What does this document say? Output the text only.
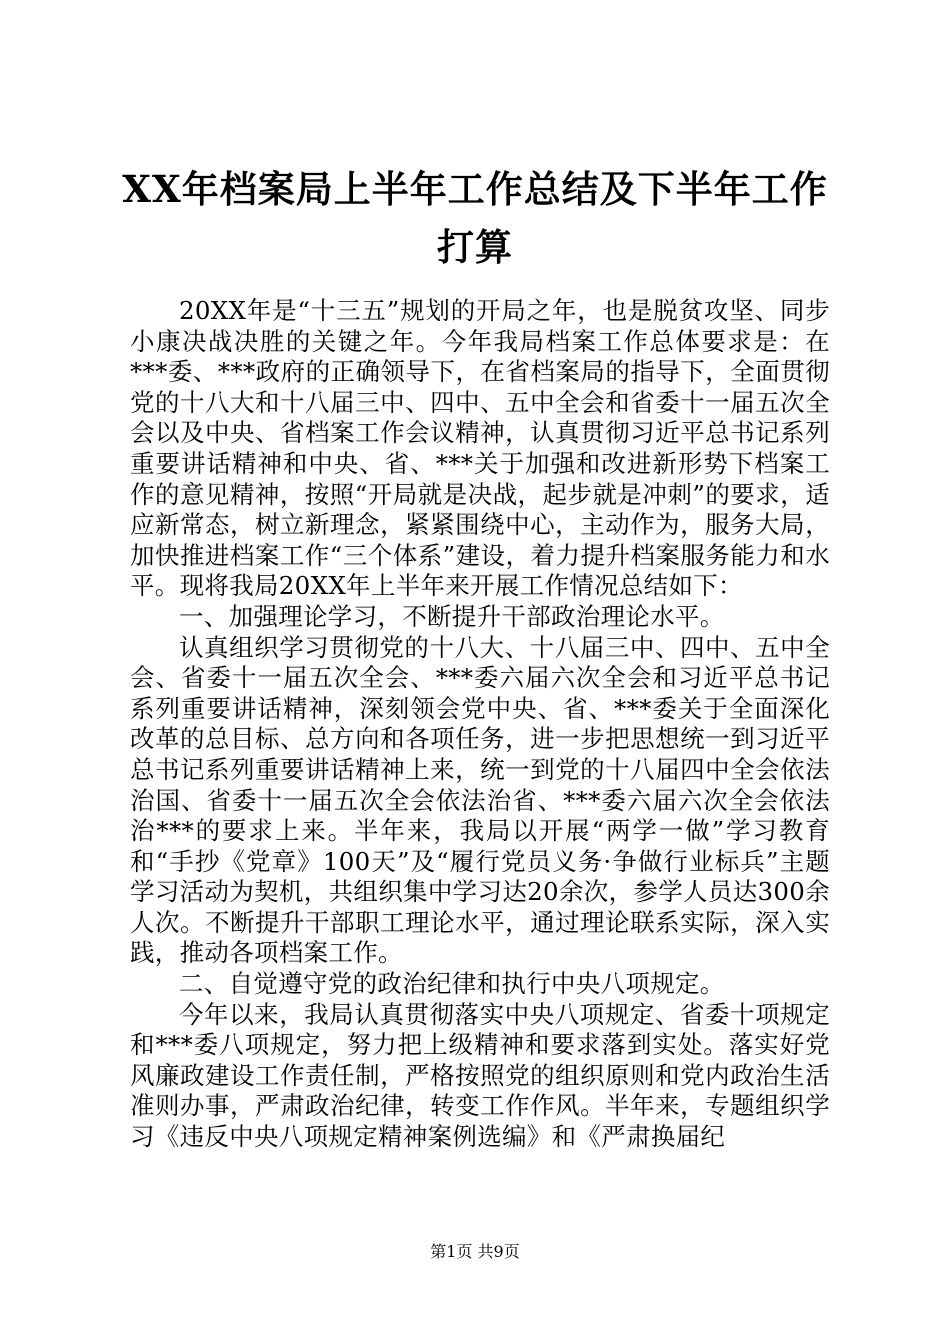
XX年档案局上半年工作总结及下半年工作打算

20XX年是“十三五”规划的开局之年，也是脱贫攻坚、同步小康决战决胜的关键之年。今年我局档案工作总体要求是：在***委、***政府的正确领导下，在省档案局的指导下，全面贯彻党的十八大和十八届三中、四中、五中全会和省委十一届五次全会以及中央、省档案工作会议精神，认真贯彻习近平总书记系列重要讲话精神和中央、省、***关于加强和改进新形势下档案工作的意见精神，按照“开局就是决战，起步就是冲刺”的要求，适应新常态，树立新理念，紧紧围绕中心，主动作为，服务大局，加快推进档案工作“三个体系”建设，着力提升档案服务能力和水平。现将我局20XX年上半年来开展工作情况总结如下：

一、加强理论学习，不断提升干部政治理论水平。

认真组织学习贯彻党的十八大、十八届三中、四中、五中全会、省委十一届五次全会、***委六届六次全会和习近平总书记系列重要讲话精神，深刻领会党中央、省、***委关于全面深化改革的总目标、总方向和各项任务，进一步把思想统一到习近平总书记系列重要讲话精神上来，统一到党的十八届四中全会依法治国、省委十一届五次全会依法治省、***委六届六次全会依法治***的要求上来。半年来，我局以开展“两学一做”学习教育和“手抄《党章》100天”及“履行党员义务·争做行业标兵”主题学习活动为契机，共组织集中学习达20余次，参学人员达300余人次。不断提升干部职工理论水平，通过理论联系实际，深入实践，推动各项档案工作。

二、自觉遵守党的政治纪律和执行中央八项规定。

今年以来，我局认真贯彻落实中央八项规定、省委十项规定和***委八项规定，努力把上级精神和要求落到实处。落实好党风廉政建设工作责任制，严格按照党的组织原则和党内政治生活准则办事，严肃政治纪律，转变工作作风。半年来，专题组织学习《违反中央八项规定精神案例选编》和《严肃换届纪

第1页 共9页
